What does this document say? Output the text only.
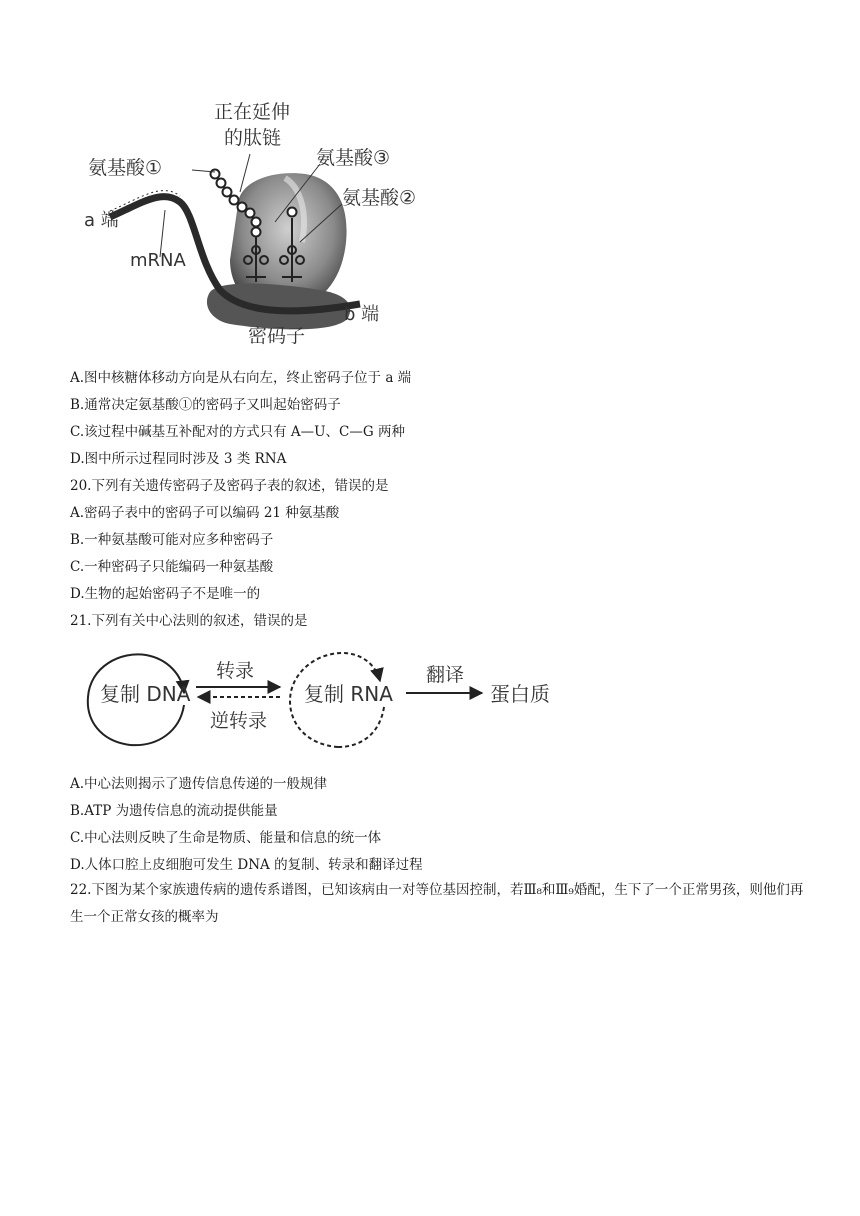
正在延伸
的肽链
氨基酸①	氨基酸③
氨基酸②
a 端
mRNA
b 端
密码子
A.图中核糖体移动方向是从右向左，终止密码子位于 a 端
B.通常决定氨基酸①的密码子又叫起始密码子
C.该过程中碱基互补配对的方式只有 A—U、C—G 两种
D.图中所示过程同时涉及 3 类 RNA
20.下列有关遗传密码子及密码子表的叙述，错误的是
A.密码子表中的密码子可以编码 21 种氨基酸
B.一种氨基酸可能对应多种密码子
C.一种密码子只能编码一种氨基酸
D.生物的起始密码子不是唯一的
21.下列有关中心法则的叙述，错误的是
复制 DNA
转录
逆转录
复制 RNA
翻译
蛋白质
A.中心法则揭示了遗传信息传递的一般规律
B.ATP 为遗传信息的流动提供能量
C.中心法则反映了生命是物质、能量和信息的统一体
D.人体口腔上皮细胞可发生 DNA 的复制、转录和翻译过程
22.下图为某个家族遗传病的遗传系谱图，已知该病由一对等位基因控制，若Ⅲ₈和Ⅲ₉婚配，生下了一个正常男孩，则他们再生一个正常女孩的概率为
